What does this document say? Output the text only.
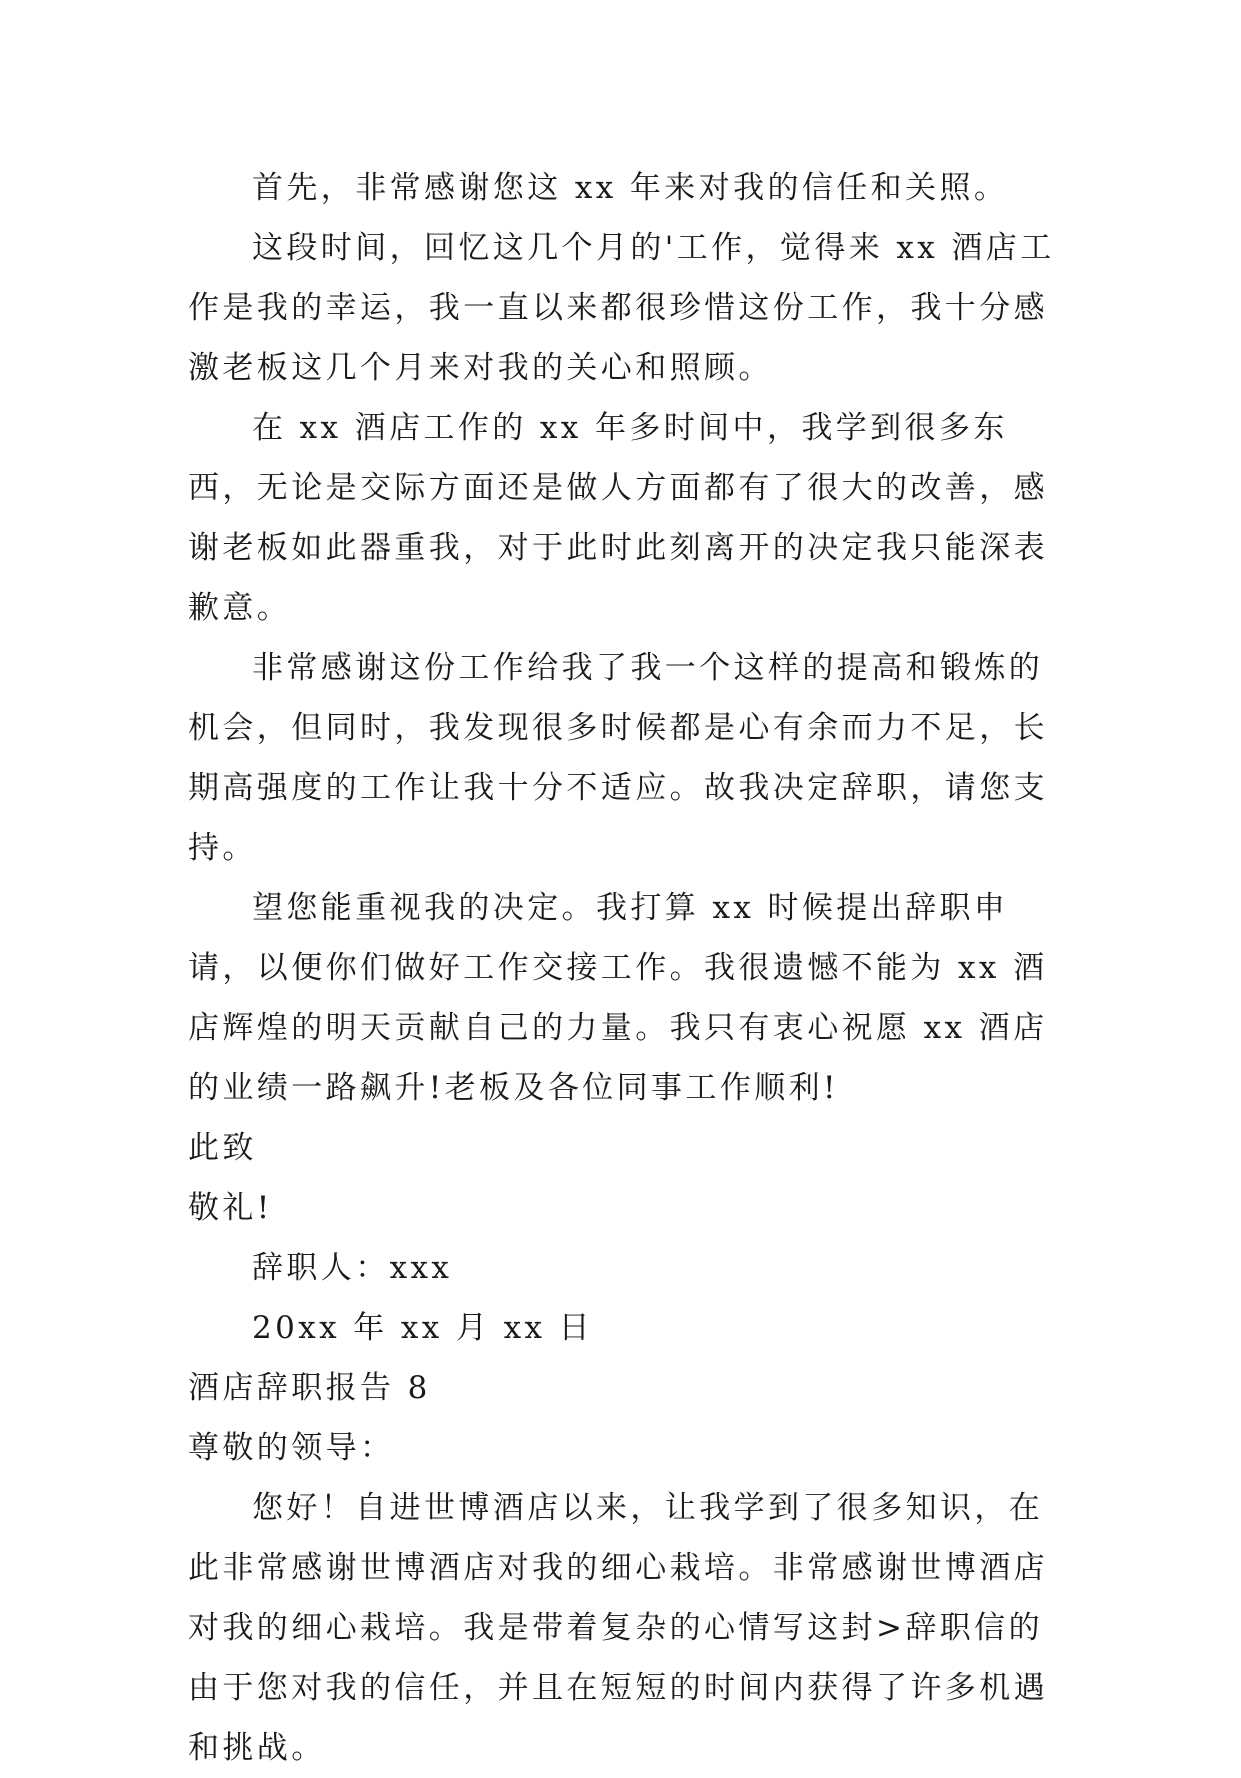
首先，非常感谢您这 xx 年来对我的信任和关照。

这段时间，回忆这几个月的'工作，觉得来 xx 酒店工作是我的幸运，我一直以来都很珍惜这份工作，我十分感激老板这几个月来对我的关心和照顾。

在 xx 酒店工作的 xx 年多时间中，我学到很多东西，无论是交际方面还是做人方面都有了很大的改善，感谢老板如此器重我，对于此时此刻离开的决定我只能深表歉意。

非常感谢这份工作给我了我一个这样的提高和锻炼的机会，但同时，我发现很多时候都是心有余而力不足，长期高强度的工作让我十分不适应。故我决定辞职，请您支持。

望您能重视我的决定。我打算 xx 时候提出辞职申请，以便你们做好工作交接工作。我很遗憾不能为 xx 酒店辉煌的明天贡献自己的力量。我只有衷心祝愿 xx 酒店的业绩一路飙升!老板及各位同事工作顺利!

此致

敬礼!

辞职人：xxx

20xx 年 xx 月 xx 日

酒店辞职报告 8

尊敬的领导：

您好！自进世博酒店以来，让我学到了很多知识，在此非常感谢世博酒店对我的细心栽培。非常感谢世博酒店对我的细心栽培。我是带着复杂的心情写这封>辞职信的由于您对我的信任，并且在短短的时间内获得了许多机遇和挑战。
